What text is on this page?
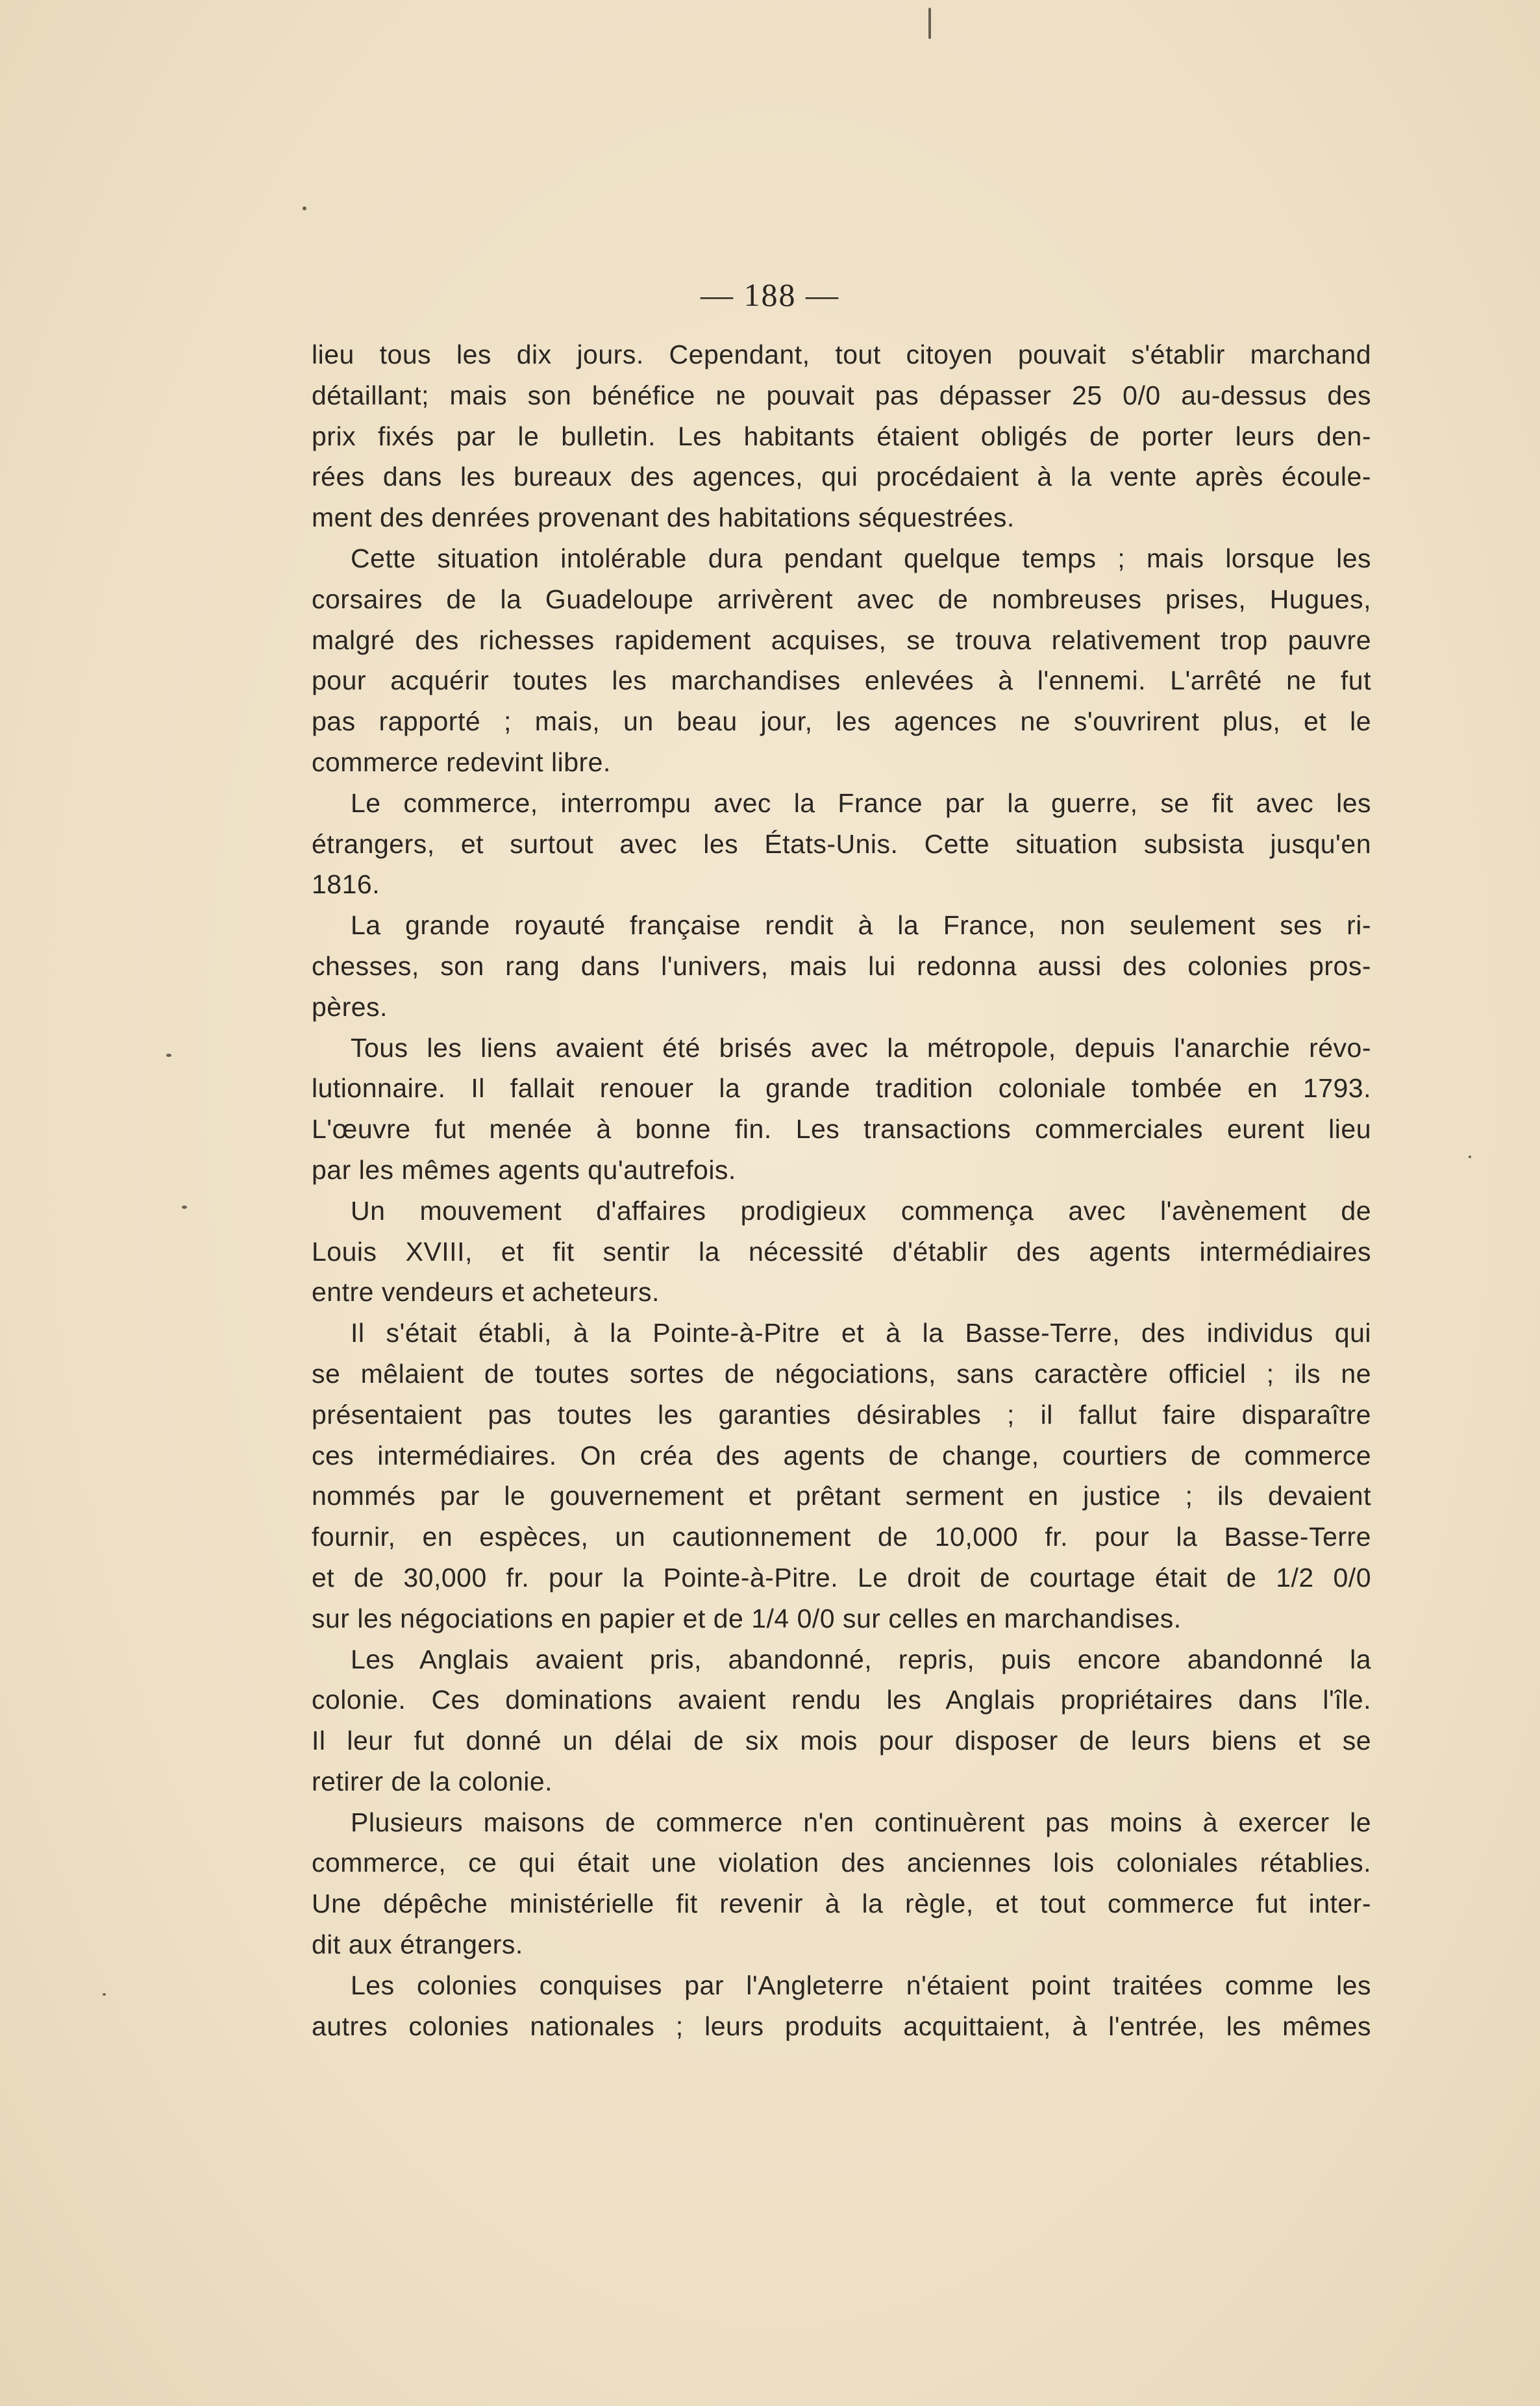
— 188 —
lieu tous les dix jours. Cependant, tout citoyen pouvait s'établir marchand
détaillant; mais son bénéfice ne pouvait pas dépasser 25 0/0 au-dessus des
prix fixés par le bulletin. Les habitants étaient obligés de porter leurs den-
rées dans les bureaux des agences, qui procédaient à la vente après écoule-
ment des denrées provenant des habitations séquestrées.
Cette situation intolérable dura pendant quelque temps ; mais lorsque les
corsaires de la Guadeloupe arrivèrent avec de nombreuses prises, Hugues,
malgré des richesses rapidement acquises, se trouva relativement trop pauvre
pour acquérir toutes les marchandises enlevées à l'ennemi. L'arrêté ne fut
pas rapporté ; mais, un beau jour, les agences ne s'ouvrirent plus, et le
commerce redevint libre.
Le commerce, interrompu avec la France par la guerre, se fit avec les
étrangers, et surtout avec les États-Unis. Cette situation subsista jusqu'en
1816.
La grande royauté française rendit à la France, non seulement ses ri-
chesses, son rang dans l'univers, mais lui redonna aussi des colonies pros-
pères.
Tous les liens avaient été brisés avec la métropole, depuis l'anarchie révo-
lutionnaire. Il fallait renouer la grande tradition coloniale tombée en 1793.
L'œuvre fut menée à bonne fin. Les transactions commerciales eurent lieu
par les mêmes agents qu'autrefois.
Un mouvement d'affaires prodigieux commença avec l'avènement de
Louis XVIII, et fit sentir la nécessité d'établir des agents intermédiaires
entre vendeurs et acheteurs.
Il s'était établi, à la Pointe-à-Pitre et à la Basse-Terre, des individus qui
se mêlaient de toutes sortes de négociations, sans caractère officiel ; ils ne
présentaient pas toutes les garanties désirables ; il fallut faire disparaître
ces intermédiaires. On créa des agents de change, courtiers de commerce
nommés par le gouvernement et prêtant serment en justice ; ils devaient
fournir, en espèces, un cautionnement de 10,000 fr. pour la Basse-Terre
et de 30,000 fr. pour la Pointe-à-Pitre. Le droit de courtage était de 1/2 0/0
sur les négociations en papier et de 1/4 0/0 sur celles en marchandises.
Les Anglais avaient pris, abandonné, repris, puis encore abandonné la
colonie. Ces dominations avaient rendu les Anglais propriétaires dans l'île.
Il leur fut donné un délai de six mois pour disposer de leurs biens et se
retirer de la colonie.
Plusieurs maisons de commerce n'en continuèrent pas moins à exercer le
commerce, ce qui était une violation des anciennes lois coloniales rétablies.
Une dépêche ministérielle fit revenir à la règle, et tout commerce fut inter-
dit aux étrangers.
Les colonies conquises par l'Angleterre n'étaient point traitées comme les
autres colonies nationales ; leurs produits acquittaient, à l'entrée, les mêmes
